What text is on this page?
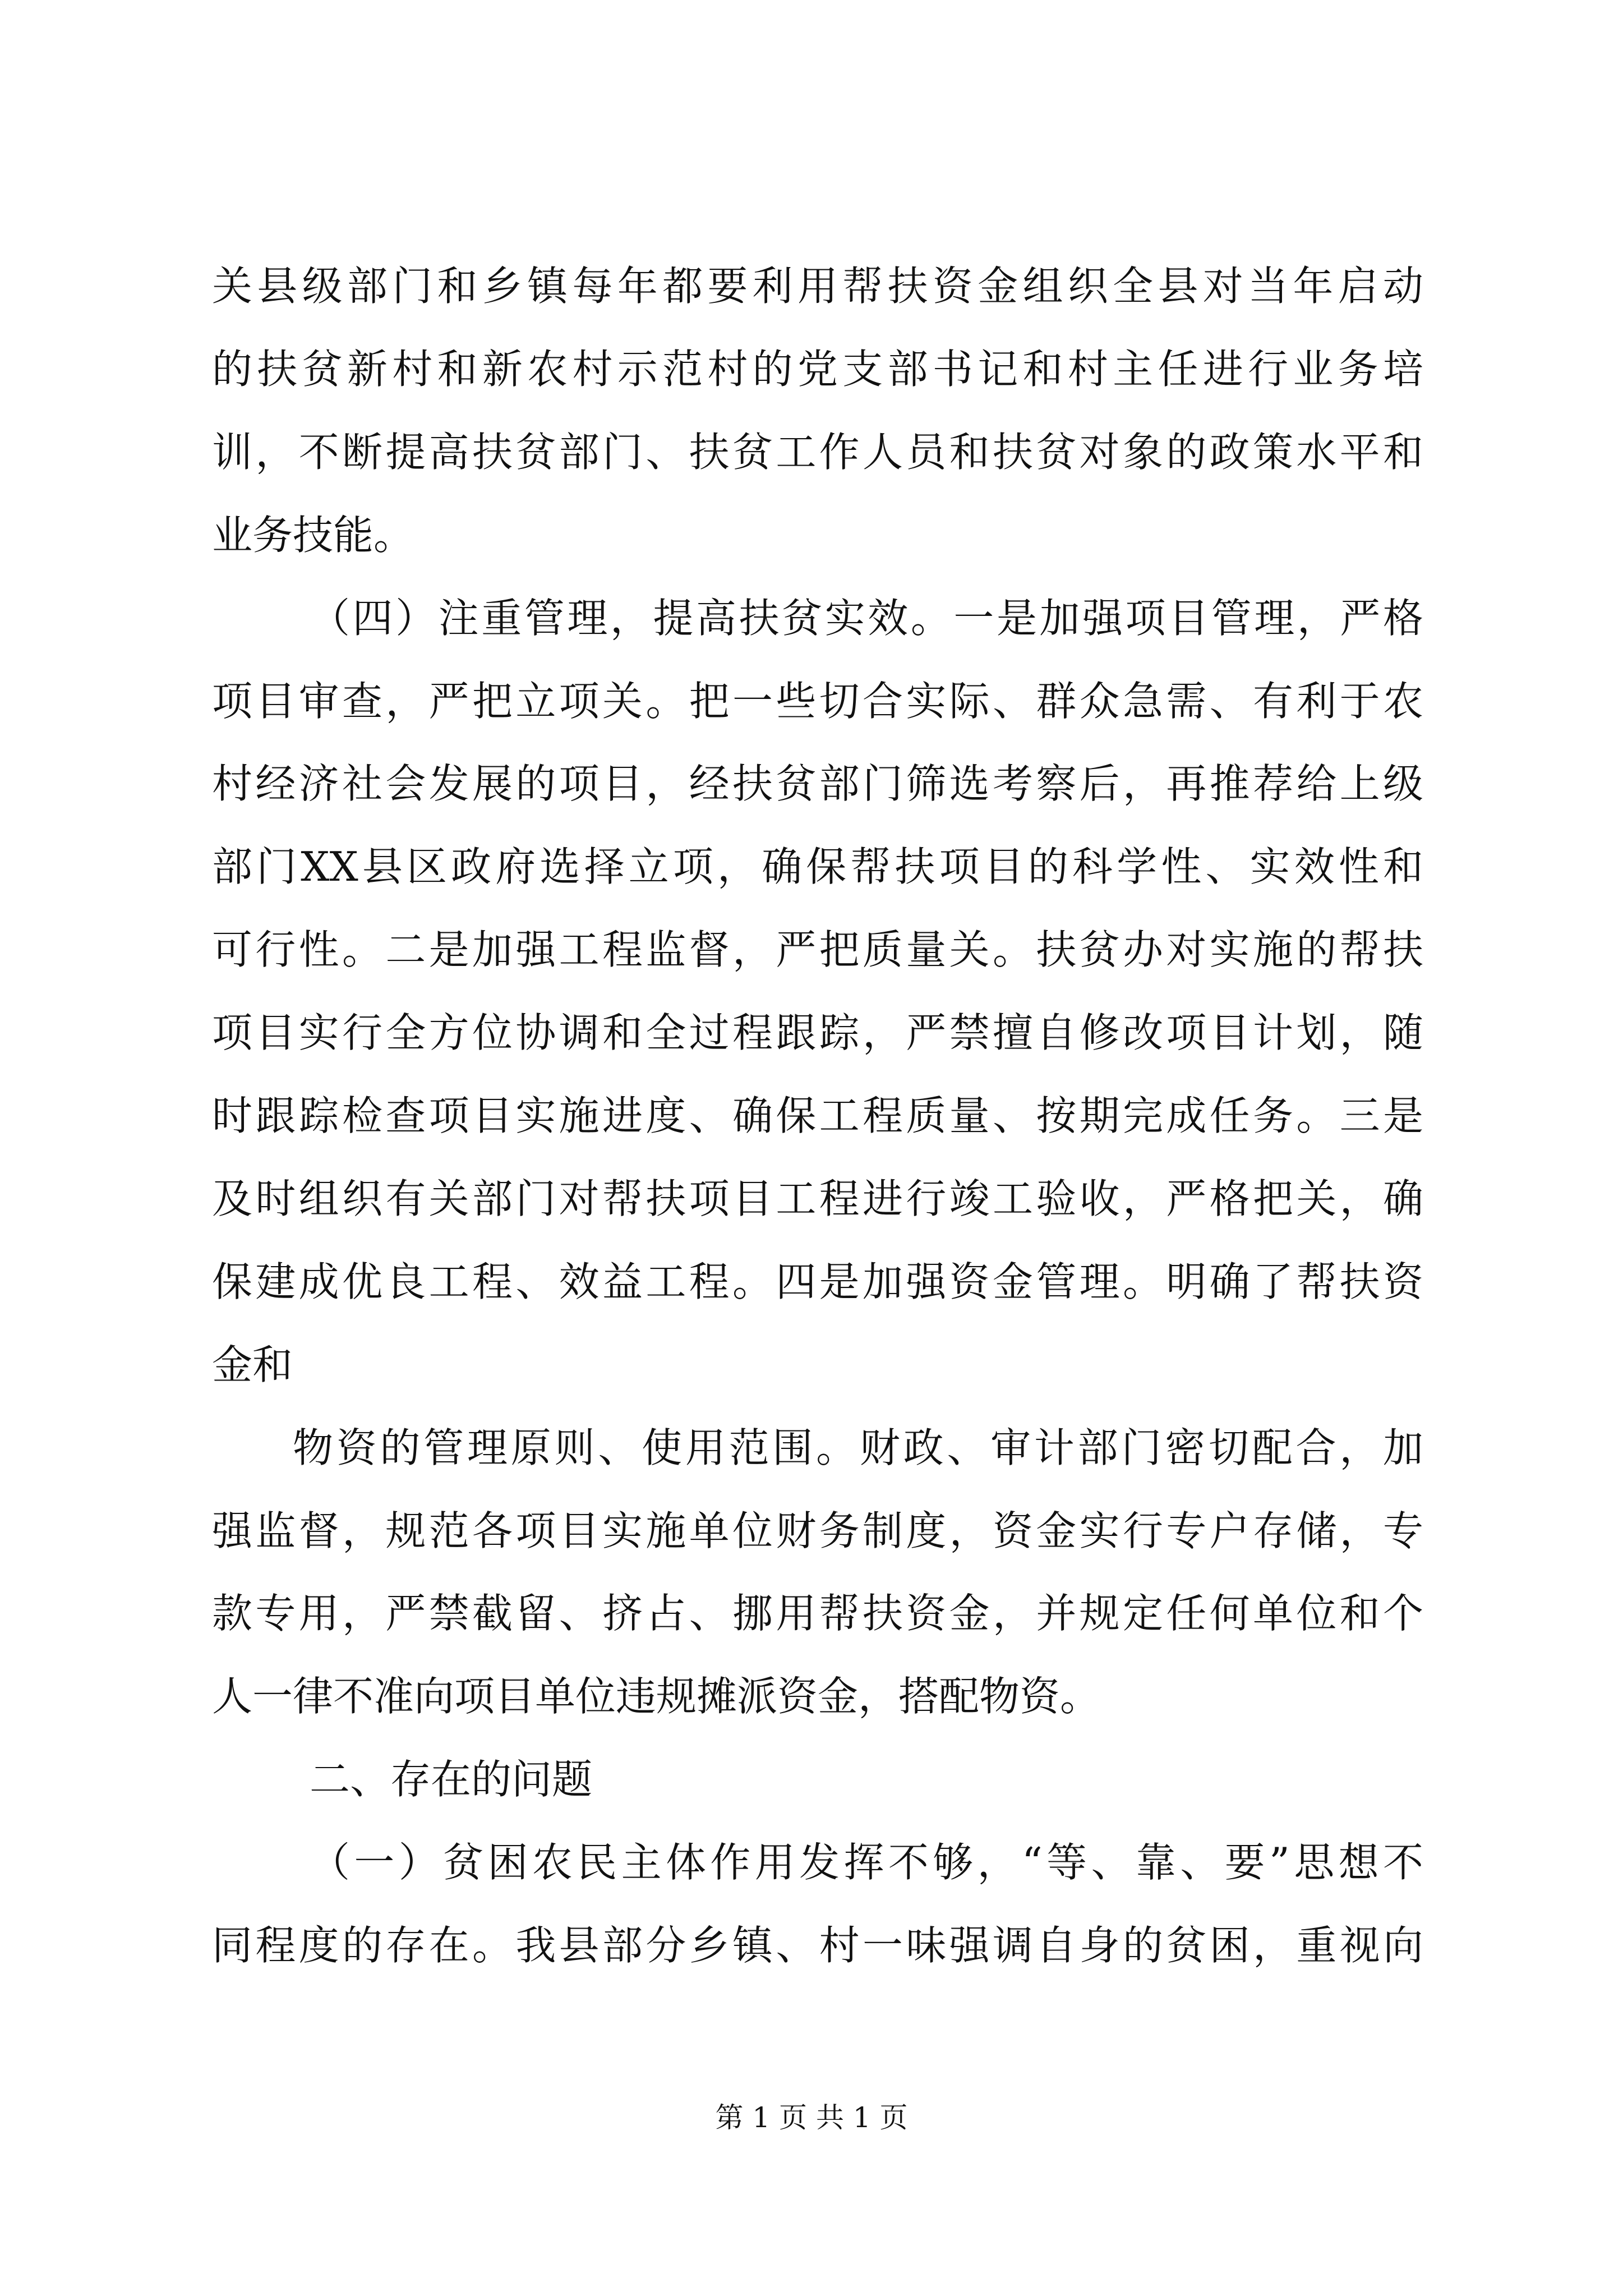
关县级部门和乡镇每年都要利用帮扶资金组织全县对当年启动
的扶贫新村和新农村示范村的党支部书记和村主任进行业务培
训，不断提高扶贫部门、扶贫工作人员和扶贫对象的政策水平和
业务技能。
（四）注重管理，提高扶贫实效。一是加强项目管理，严格
项目审查，严把立项关。把一些切合实际、群众急需、有利于农
村经济社会发展的项目，经扶贫部门筛选考察后，再推荐给上级
部门XX县区政府选择立项，确保帮扶项目的科学性、实效性和
可行性。二是加强工程监督，严把质量关。扶贫办对实施的帮扶
项目实行全方位协调和全过程跟踪，严禁擅自修改项目计划，随
时跟踪检查项目实施进度、确保工程质量、按期完成任务。三是
及时组织有关部门对帮扶项目工程进行竣工验收，严格把关，确
保建成优良工程、效益工程。四是加强资金管理。明确了帮扶资
金和
物资的管理原则、使用范围。财政、审计部门密切配合，加
强监督，规范各项目实施单位财务制度，资金实行专户存储，专
款专用，严禁截留、挤占、挪用帮扶资金，并规定任何单位和个
人一律不准向项目单位违规摊派资金，搭配物资。
二、存在的问题
（一）贫困农民主体作用发挥不够，“等、靠、要”思想不
同程度的存在。我县部分乡镇、村一味强调自身的贫困，重视向
第 1 页 共 1 页
